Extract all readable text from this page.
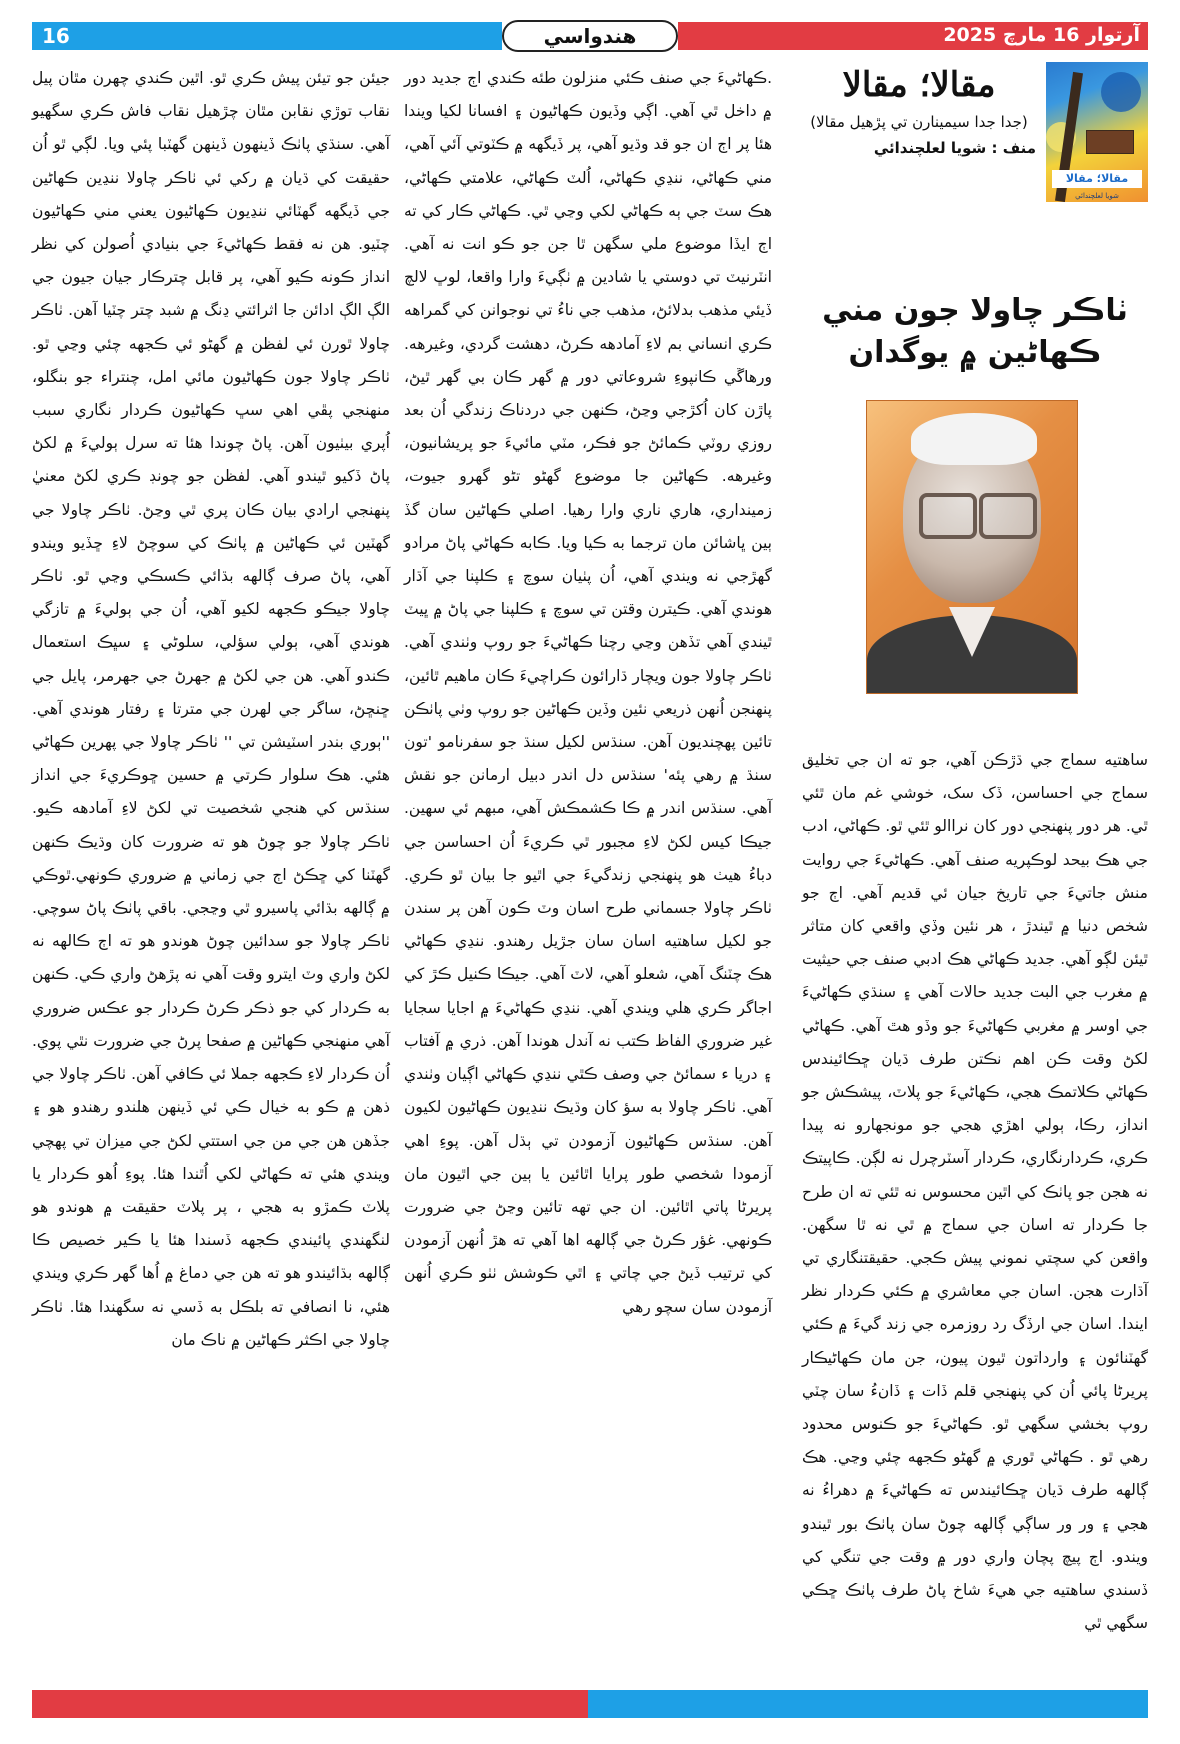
16	هندواسي	آرتوار 16 مارچ 2025
مقالا؛ مقالا
شويا لعلچندائي

مقالا؛ مقالا

(جدا جدا سيمينارن تي پڙهيل مقالا)

منف : شويا لعلچندائي

ٺاڪر چاولا جون مني ڪهاڻين ۾ يوگدان

ساهتيه سماج جي ڌڙڪن آهي، جو ته ان جي تخليق سماج جي احساسن، ڏک سک، خوشي غم مان ٿئي ٿي. هر دور پنهنجي دور کان نراالو ٿئي ٿو. ڪهاڻي، ادب جي هڪ بيحد لوڪپريه صنف آهي. ڪهاڻيءَ جي روايت منش جاتيءَ جي تاريخ جيان ئي قديم آهي. اڄ جو شخص دنيا ۾ ٿيندڙ ، هر نئين وڏي واقعي کان متاثر ٿيئن لڳو آهي. جديد ڪهاڻي هڪ ادبي صنف جي حيثيت ۾ مغرب جي البت جديد حالات آهي ۽ سنڌي ڪهاڻيءَ جي اوسر ۾ مغربي ڪهاڻيءَ جو وڏو هٿ آهي. ڪهاڻي لکڻ وقت ڪن اهم نڪتن طرف ڌيان ڇڪائيندس ڪهاڻي ڪلاتمڪ هجي، ڪهاڻيءَ جو پلاٽ، پيشڪش جو انداز، رڪا، ٻولي اهڙي هجي جو مونجهارو نه پيدا ڪري، ڪردارنگاري، ڪردار آسٽرچرل نه لڳن. ڪاپيتڪ نه هجن جو پاٺڪ کي اٿين محسوس نه ٿئي ته ان طرح جا ڪردار ته اسان جي سماج ۾ ٿي نه ٿا سگهن. واقعن کي سچتي نموني پيش ڪجي. حقيقتنگاري تي آڌارت هجن. اسان جي معاشري ۾ ڪئي ڪردار نظر ايندا. اسان جي ارڏگ رد روزمره جي زند گيءَ ۾ ڪئي گهٽنائون ۽ وارداتون ٿيون پيون، جن مان ڪهاڻيڪار پريرڻا پائي اُن کي پنهنجي قلم ڏات ۽ ڏانءُ سان چٽي روپ بخشي سگهي ٿو. ڪهاڻيءَ جو ڪنوس محدود رهي ٿو . ڪهاڻي ٿوري ۾ گهڻو ڪجهه چئي وڃي. هڪ ڳالهه طرف ڌيان ڇڪائيندس ته ڪهاڻيءَ ۾ دهراءُ نه هجي ۽ ور ور ساڳي ڳالهه چوڻ سان پاٺڪ بور ٿيندو ويندو. اڄ پيچ پچان واري دور ۾ وقت جي تنگي کي ڏسندي ساهتيه جي هيءَ شاخ پاڻ طرف پاٺڪ ڇڪي سگهي ٿي

.ڪهاڻيءَ جي صنف ڪئي منزلون طئه ڪندي اڄ جديد دور ۾ داخل ٿي آهي. اڳي وڏيون ڪهاڻيون ۽ افسانا لکيا ويندا هئا پر اڄ ان جو قد وڌيو آهي، پر ڏيگهه ۾ ڪٽوتي آئي آهي، مني ڪهاڻي، ننڍي ڪهاڻي، اُلٽ ڪهاڻي، علامتي ڪهاڻي، هڪ سٽ جي ٻه ڪهاڻي لکي وڃي ٿي. ڪهاڻي ڪار کي ته اڄ ايڏا موضوع ملي سگهن ٿا جن جو ڪو انت نه آهي. انٽرنيٽ تي دوستي يا شادين ۾ ٺڳيءَ وارا واقعا، لوڀ لالچ ڏيئي مذهب بدلائڻ، مذهب جي ناءُ تي نوجوانن کي گمراهه ڪري انساني بم لاءِ آمادهه ڪرڻ، دهشت گردي، وغيرهه. ورهاڱي ڪانپوءِ شروعاتي دور ۾ گهر ڪان بي گهر ٿيڻ، پاڙن کان اُکڙجي وڃڻ، ڪنهن جي دردناڪ زندگي اُن بعد روزي روٽي ڪمائڻ جو فڪر، مٽي مائيءَ جو پريشانيون، وغيرهه. ڪهاڻين جا موضوع گهڻو تڻو گهرو جيوت، زمينداري، هاري ناري وارا رهيا. اصلي ڪهاڻين سان گڏ ٻين ڀاشائن مان ترجما به ڪيا ويا. ڪابه ڪهاڻي پاڻ مرادو گهڙجي نه ويندي آهي، اُن پٺيان سوچ ۽ ڪلپنا جي آڌار هوندي آهي. ڪيترن وقتن تي سوچ ۽ ڪلپنا جي پاڻ ۾ ڀيٽ ٿيندي آهي تڏهن وڃي رچنا ڪهاڻيءَ جو روپ وٺندي آهي. ٺاڪر چاولا جون ويچار ڌارائون ڪراچيءَ ڪان ماهيم ٿائين، پنهنجن اُنهن ذريعي نئين وڏين ڪهاڻين جو روپ وٺي پاٺڪن تائين پهچنديون آهن. سنڌس لکيل سنڌ جو سفرنامو 'تون سنڌ ۾ رهي پئه' سنڌس دل اندر دبيل ارمانن جو نقش آهي. سنڌس اندر ۾ ڪا ڪشمڪش آهي، مبهم ئي سهين. جيڪا کيس لکڻ لاءِ مجبور ٿي ڪريءَ اُن احساسن جي دباءُ هيٺ هو پنهنجي زندگيءَ جي اٿيو جا بيان ٿو ڪري. ٺاڪر چاولا جسماني طرح اسان وٽ ڪون آهن پر سندن جو لکيل ساهتيه اسان سان جڙيل رهندو. ننڍي ڪهاڻي هڪ چٽنگ آهي، شعلو آهي، لاٽ آهي. جيڪا ڪنيل ڪڙ کي اجاگر ڪري هلي ويندي آهي. ننڍي ڪهاڻيءَ ۾ اجايا سجايا غير ضروري الفاظ ڪتب نه آندل هوندا آهن. ذري ۾ آفتاب ۽ دريا ء سمائڻ جي وصف ڪٿي ننڍي ڪهاڻي اڳيان وٺندي آهي. ٺاڪر چاولا به سؤ کان وڌيڪ ننڍيون ڪهاڻيون لکيون آهن. سنڌس ڪهاڻيون آزمودن تي ٻڌل آهن. پوءِ اهي آزمودا شخصي طور پرايا اٿائين يا ٻين جي اٿيون مان پريرڻا پاتي اٿائين. ان جي تهه تائين وڃڻ جي ضرورت ڪونهي. غؤر ڪرڻ جي ڳالهه اها آهي ته هڙ اُنهن آزمودن کي ترتيب ڏيڻ جي چاتي ۽ اٿي ڪوشش ٺٺو ڪري اُنهن آزمودن سان سچو رهي

جيئن جو تيئن پيش ڪري ٿو. اٿين ڪندي چهرن مٿان پيل نقاب توڙي نقابن مٿان چڙهيل نقاب فاش ڪري سگهيو آهي. سنڌي پاٺڪ ڏينهون ڏينهن گهٽبا پئي ويا. لڳي ٿو اُن حقيقت کي ڌيان ۾ رکي ئي ٺاڪر چاولا ننڍين ڪهاڻين جي ڏيگهه گهٽائي ننڍيون ڪهاڻيون يعني مني ڪهاڻيون چٽيو. هن نه فقط ڪهاڻيءَ جي بنيادي اُصولن کي نظر انداز ڪونه ڪيو آهي، پر قابل چترڪار جيان جيون جي الڳ الڳ ادائن جا اثرائتي ڍنگ ۾ شبد چتر چٽيا آهن. ٺاڪر چاولا ٿورن ئي لفظن ۾ گهڻو ئي ڪجهه چئي وڃي ٿو. ٺاڪر چاولا جون ڪهاڻيون مائي امل، چنتراء جو بنگلو، منهنجي پڦي اهي سڀ ڪهاڻيون ڪردار نگاري سبب اُپري بيٺيون آهن. پاڻ چوندا هئا ته سرل ٻوليءَ ۾ لکڻ پاڻ ڏکيو ٿيندو آهي. لفظن جو چونڊ ڪري لکڻ معنيٰ پنهنجي ارادي بيان ڪان پري ٿي وڃڻ. ٺاڪر چاولا جي گهٽين ئي ڪهاڻين ۾ پاٺڪ کي سوچڻ لاءِ ڇڏيو ويندو آهي، پاڻ صرف ڳالهه بڌائي ڪسڪي وڃي ٿو. ٺاڪر چاولا جيڪو ڪجهه لکيو آهي، اُن جي ٻوليءَ ۾ تازگي هوندي آهي، ٻولي سؤلي، سلوڻي ۽ سڀڪ استعمال ڪندو آهي. هن جي لکڻ ۾ جهرڻ جي جهرمر، پايل جي ڇنڇڻ، ساگر جي لهرن جي مترتا ۽ رفتار هوندي آهي. ''ٻوري بندر اسٽيشن تي '' ٺاڪر چاولا جي پهرين ڪهاڻي هئي. هڪ سلوار ڪرتي ۾ حسين ڇوڪريءَ جي انداز سنڌس کي هنجي شخصيت تي لکڻ لاءِ آمادهه ڪيو. ٺاڪر چاولا جو چوڻ هو ته ضرورت کان وڌيڪ ڪنهن گهٽنا کي ڇڪڻ اڄ جي زماني ۾ ضروري ڪونهي.ٿوڪي ۾ ڳالهه بڌائي پاسيرو ٿي وڃجي. باقي پاٺڪ پاڻ سوچي. ٺاڪر چاولا جو سدائين چوڻ هوندو هو ته اڄ ڪالهه نه لکڻ واري وٽ ايترو وقت آهي نه پڙهڻ واري ڪي. ڪنهن به ڪردار کي جو ذڪر ڪرڻ ڪردار جو عڪس ضروري آهي منهنجي ڪهاڻين ۾ صفحا پرڻ جي ضرورت نٿي پوي. اُن ڪردار لاءِ ڪجهه جملا ئي ڪافي آهن. ٺاڪر چاولا جي ذهن ۾ ڪو به خيال ڪي ئي ڏينهن هلندو رهندو هو ۽ جڏهن هن جي من جي استتي لکڻ جي ميزان تي پهچي ويندي هئي ته ڪهاڻي لکي اُٿندا هئا. پوءِ اُهو ڪردار يا پلاٽ ڪمڙو به هجي ، پر پلاٽ حقيقت ۾ هوندو هو لنگهندي پائيندي ڪجهه ڏسندا هئا يا ڪير خصيص ڪا ڳالهه بڌائيندو هو ته هن جي دماغ ۾ اُها گهر ڪري ويندي هئي، نا انصافي ته بلڪل به ڏسي نه سگهندا هئا. ٺاڪر چاولا جي اڪثر ڪهاڻين ۾ ناڪ مان
